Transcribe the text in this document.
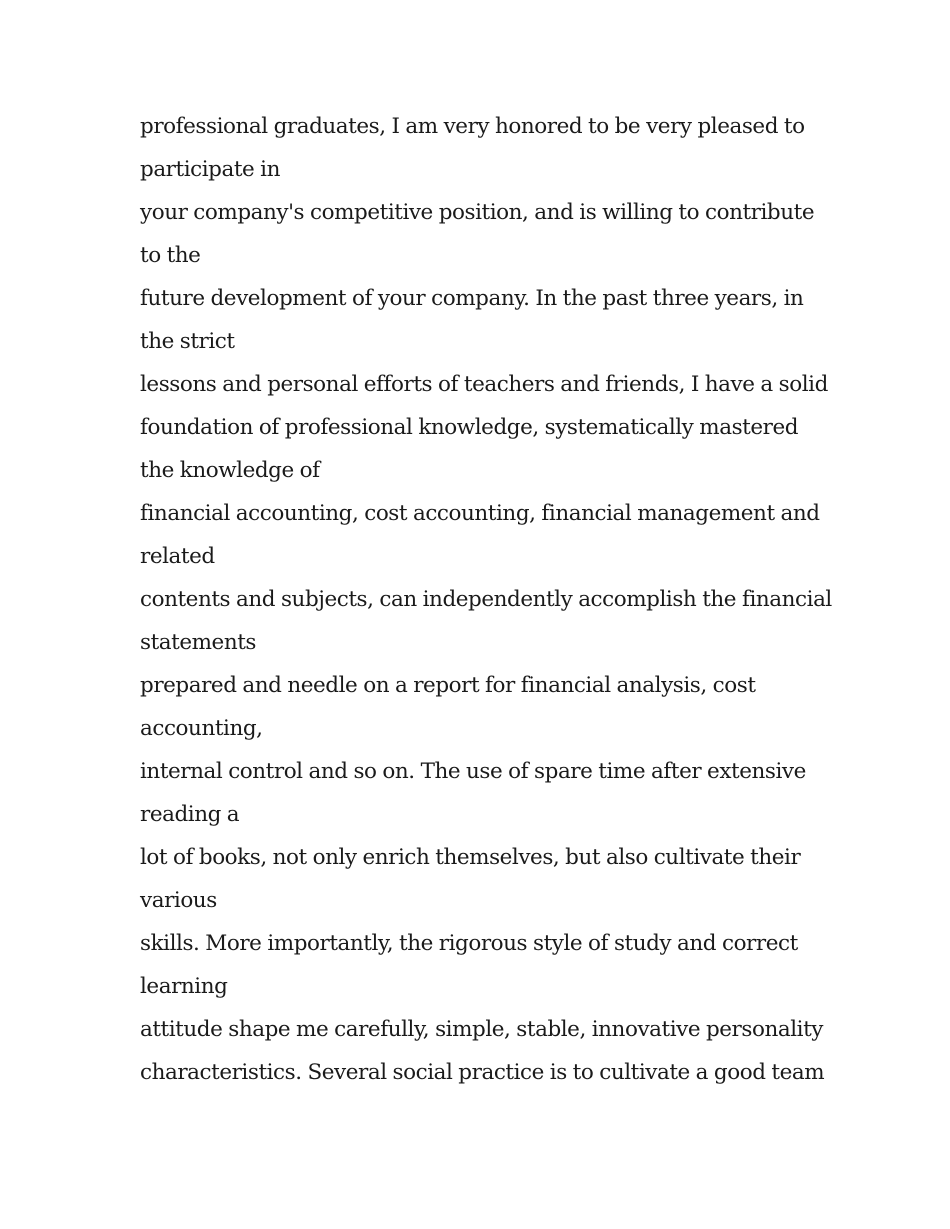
professional graduates, I am very honored to be very pleased to
participate in
your company's competitive position, and is willing to contribute
to the
future development of your company. In the past three years, in
the strict
lessons and personal efforts of teachers and friends, I have a solid
foundation of professional knowledge, systematically mastered
the knowledge of
financial accounting, cost accounting, financial management and
related
contents and subjects, can independently accomplish the financial
statements
prepared and needle on a report for financial analysis, cost
accounting,
internal control and so on. The use of spare time after extensive
reading a
lot of books, not only enrich themselves, but also cultivate their
various
skills. More importantly, the rigorous style of study and correct
learning
attitude shape me carefully, simple, stable, innovative personality
characteristics. Several social practice is to cultivate a good team
